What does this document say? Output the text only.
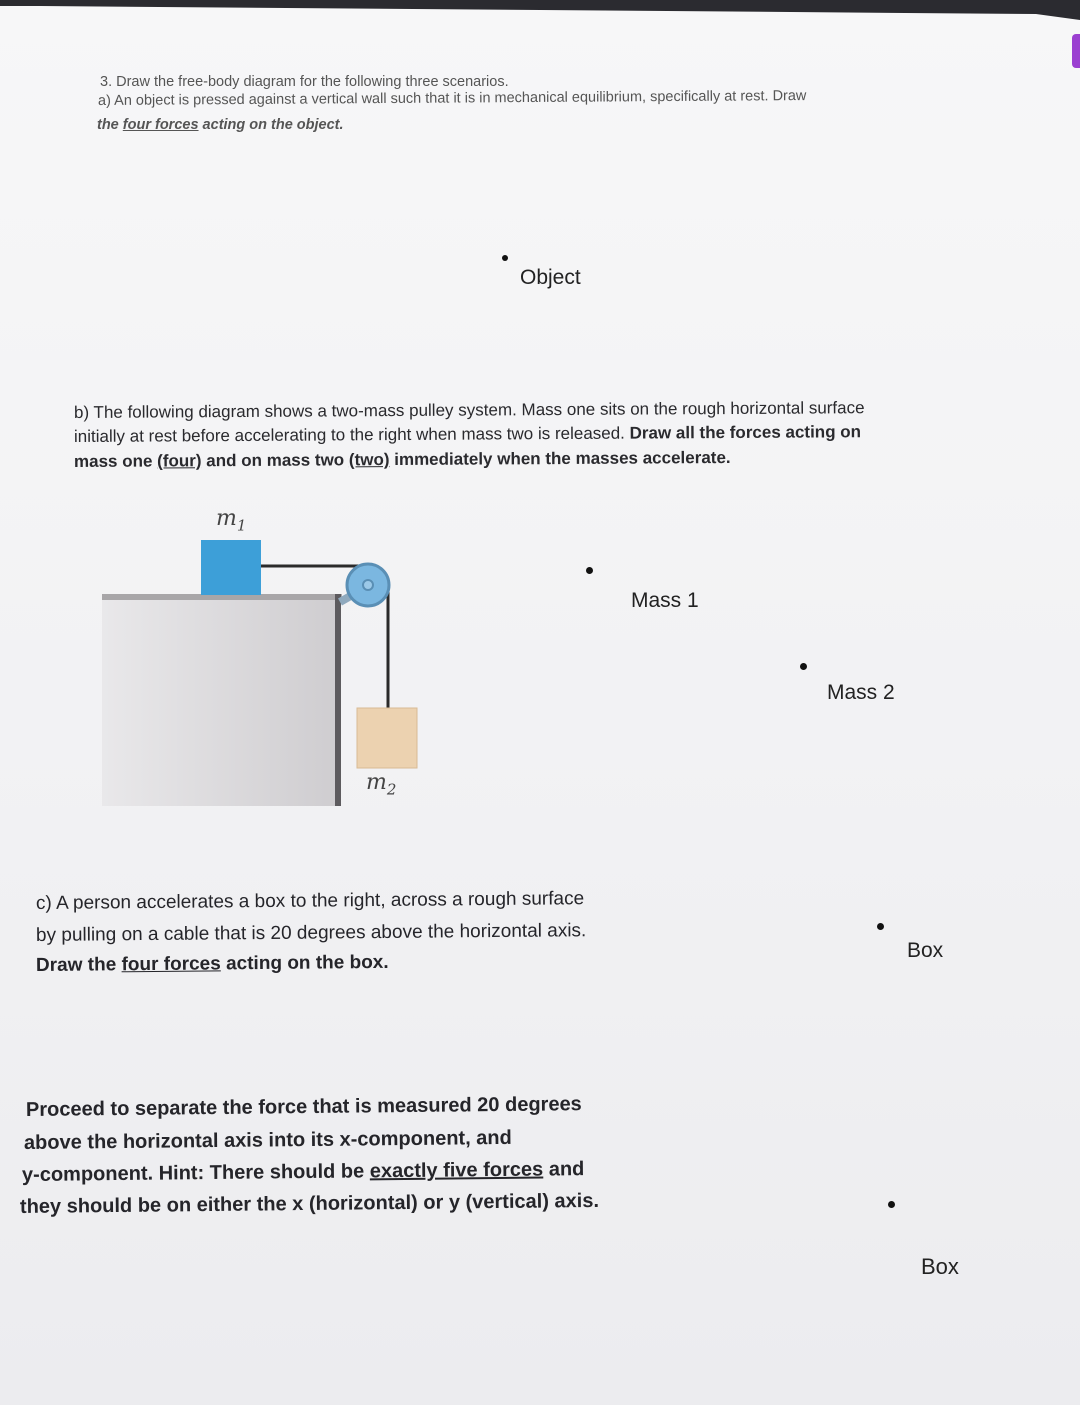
3. Draw the free-body diagram for the following three scenarios.
a) An object is pressed against a vertical wall such that it is in mechanical equilibrium, specifically at rest. Draw
the four forces acting on the object.
Object
b) The following diagram shows a two-mass pulley system. Mass one sits on the rough horizontal surface
initially at rest before accelerating to the right when mass two is released. Draw all the forces acting on
mass one (four) and on mass two (two) immediately when the masses accelerate.
$m_1$
$m_2$
Mass 1
Mass 2
c) A person accelerates a box to the right, across a rough surface
by pulling on a cable that is 20 degrees above the horizontal axis.
Draw the four forces acting on the box.
Box
Proceed to separate the force that is measured 20 degrees
above the horizontal axis into its x-component, and
y-component. Hint: There should be exactly five forces and
they should be on either the x (horizontal) or y (vertical) axis.
Box
